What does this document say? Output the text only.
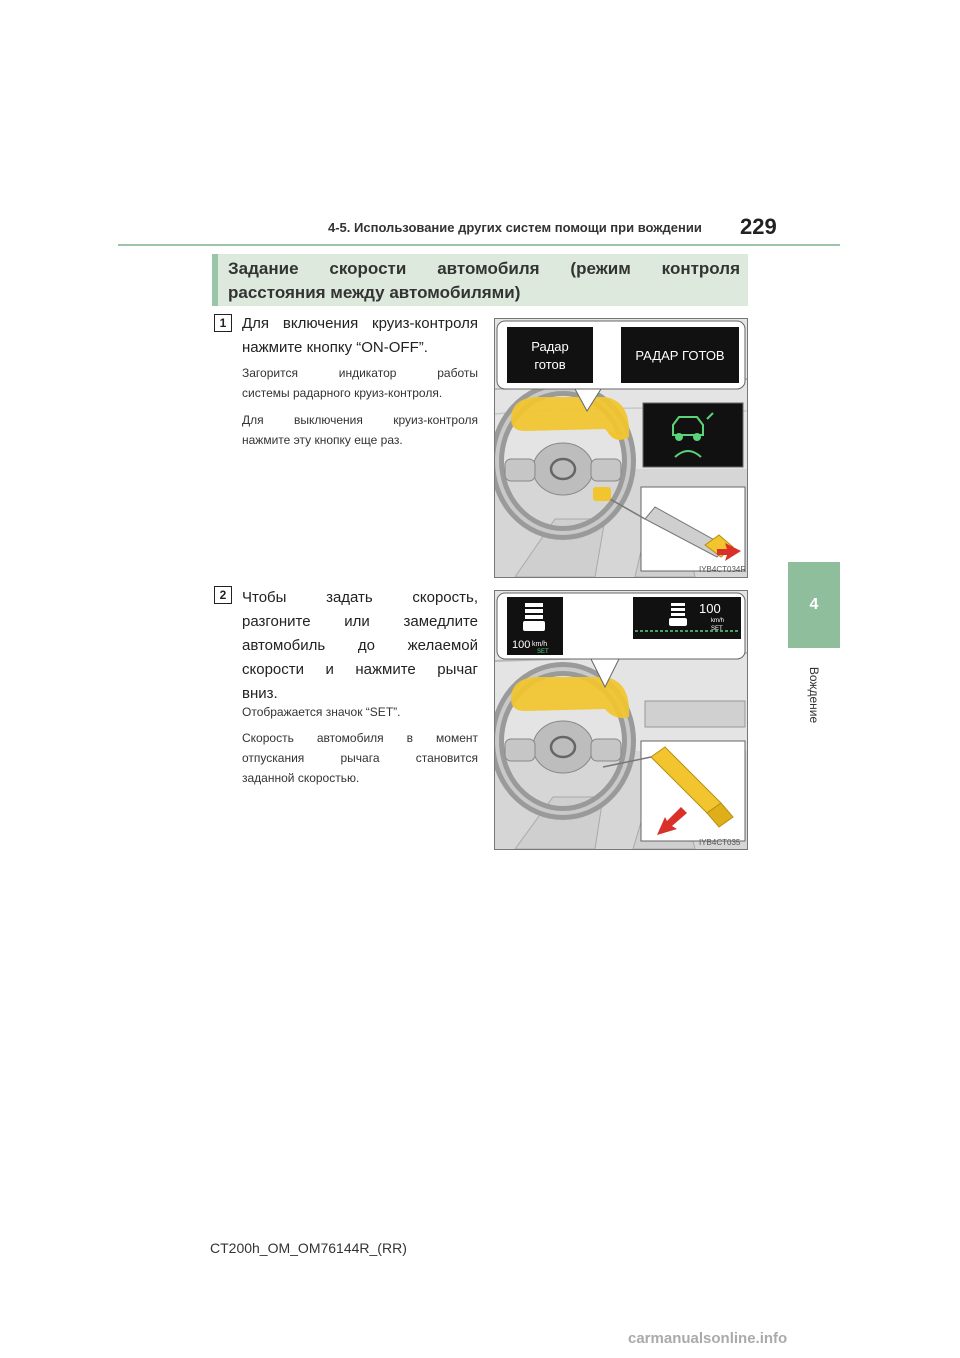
4-5. Использование других систем помощи при вождении 229
4
Вождение
Задание скорости автомобиля (режим контроля
расстояния между автомобилями)
1	Для включения круиз-контроля
нажмите кнопку “ON-OFF”.
Загорится индикатор работы
системы радарного круиз-контроля.
Для выключения круиз-контроля
нажмите эту кнопку еще раз.
Радар
готов
РАДАР ГОТОВ
IYB4CT034R
2	Чтобы задать скорость,
разгоните или замедлите
автомобиль до желаемой
скорости и нажмите рычаг
вниз.
Отображается значок “SET”.
Скорость автомобиля в момент
отпускания рычага становится
заданной скоростью.
100 km/h
SET
100
km/h
SET
IYB4CT035
CT200h_OM_OM76144R_(RR)
carmanualsonline.info
